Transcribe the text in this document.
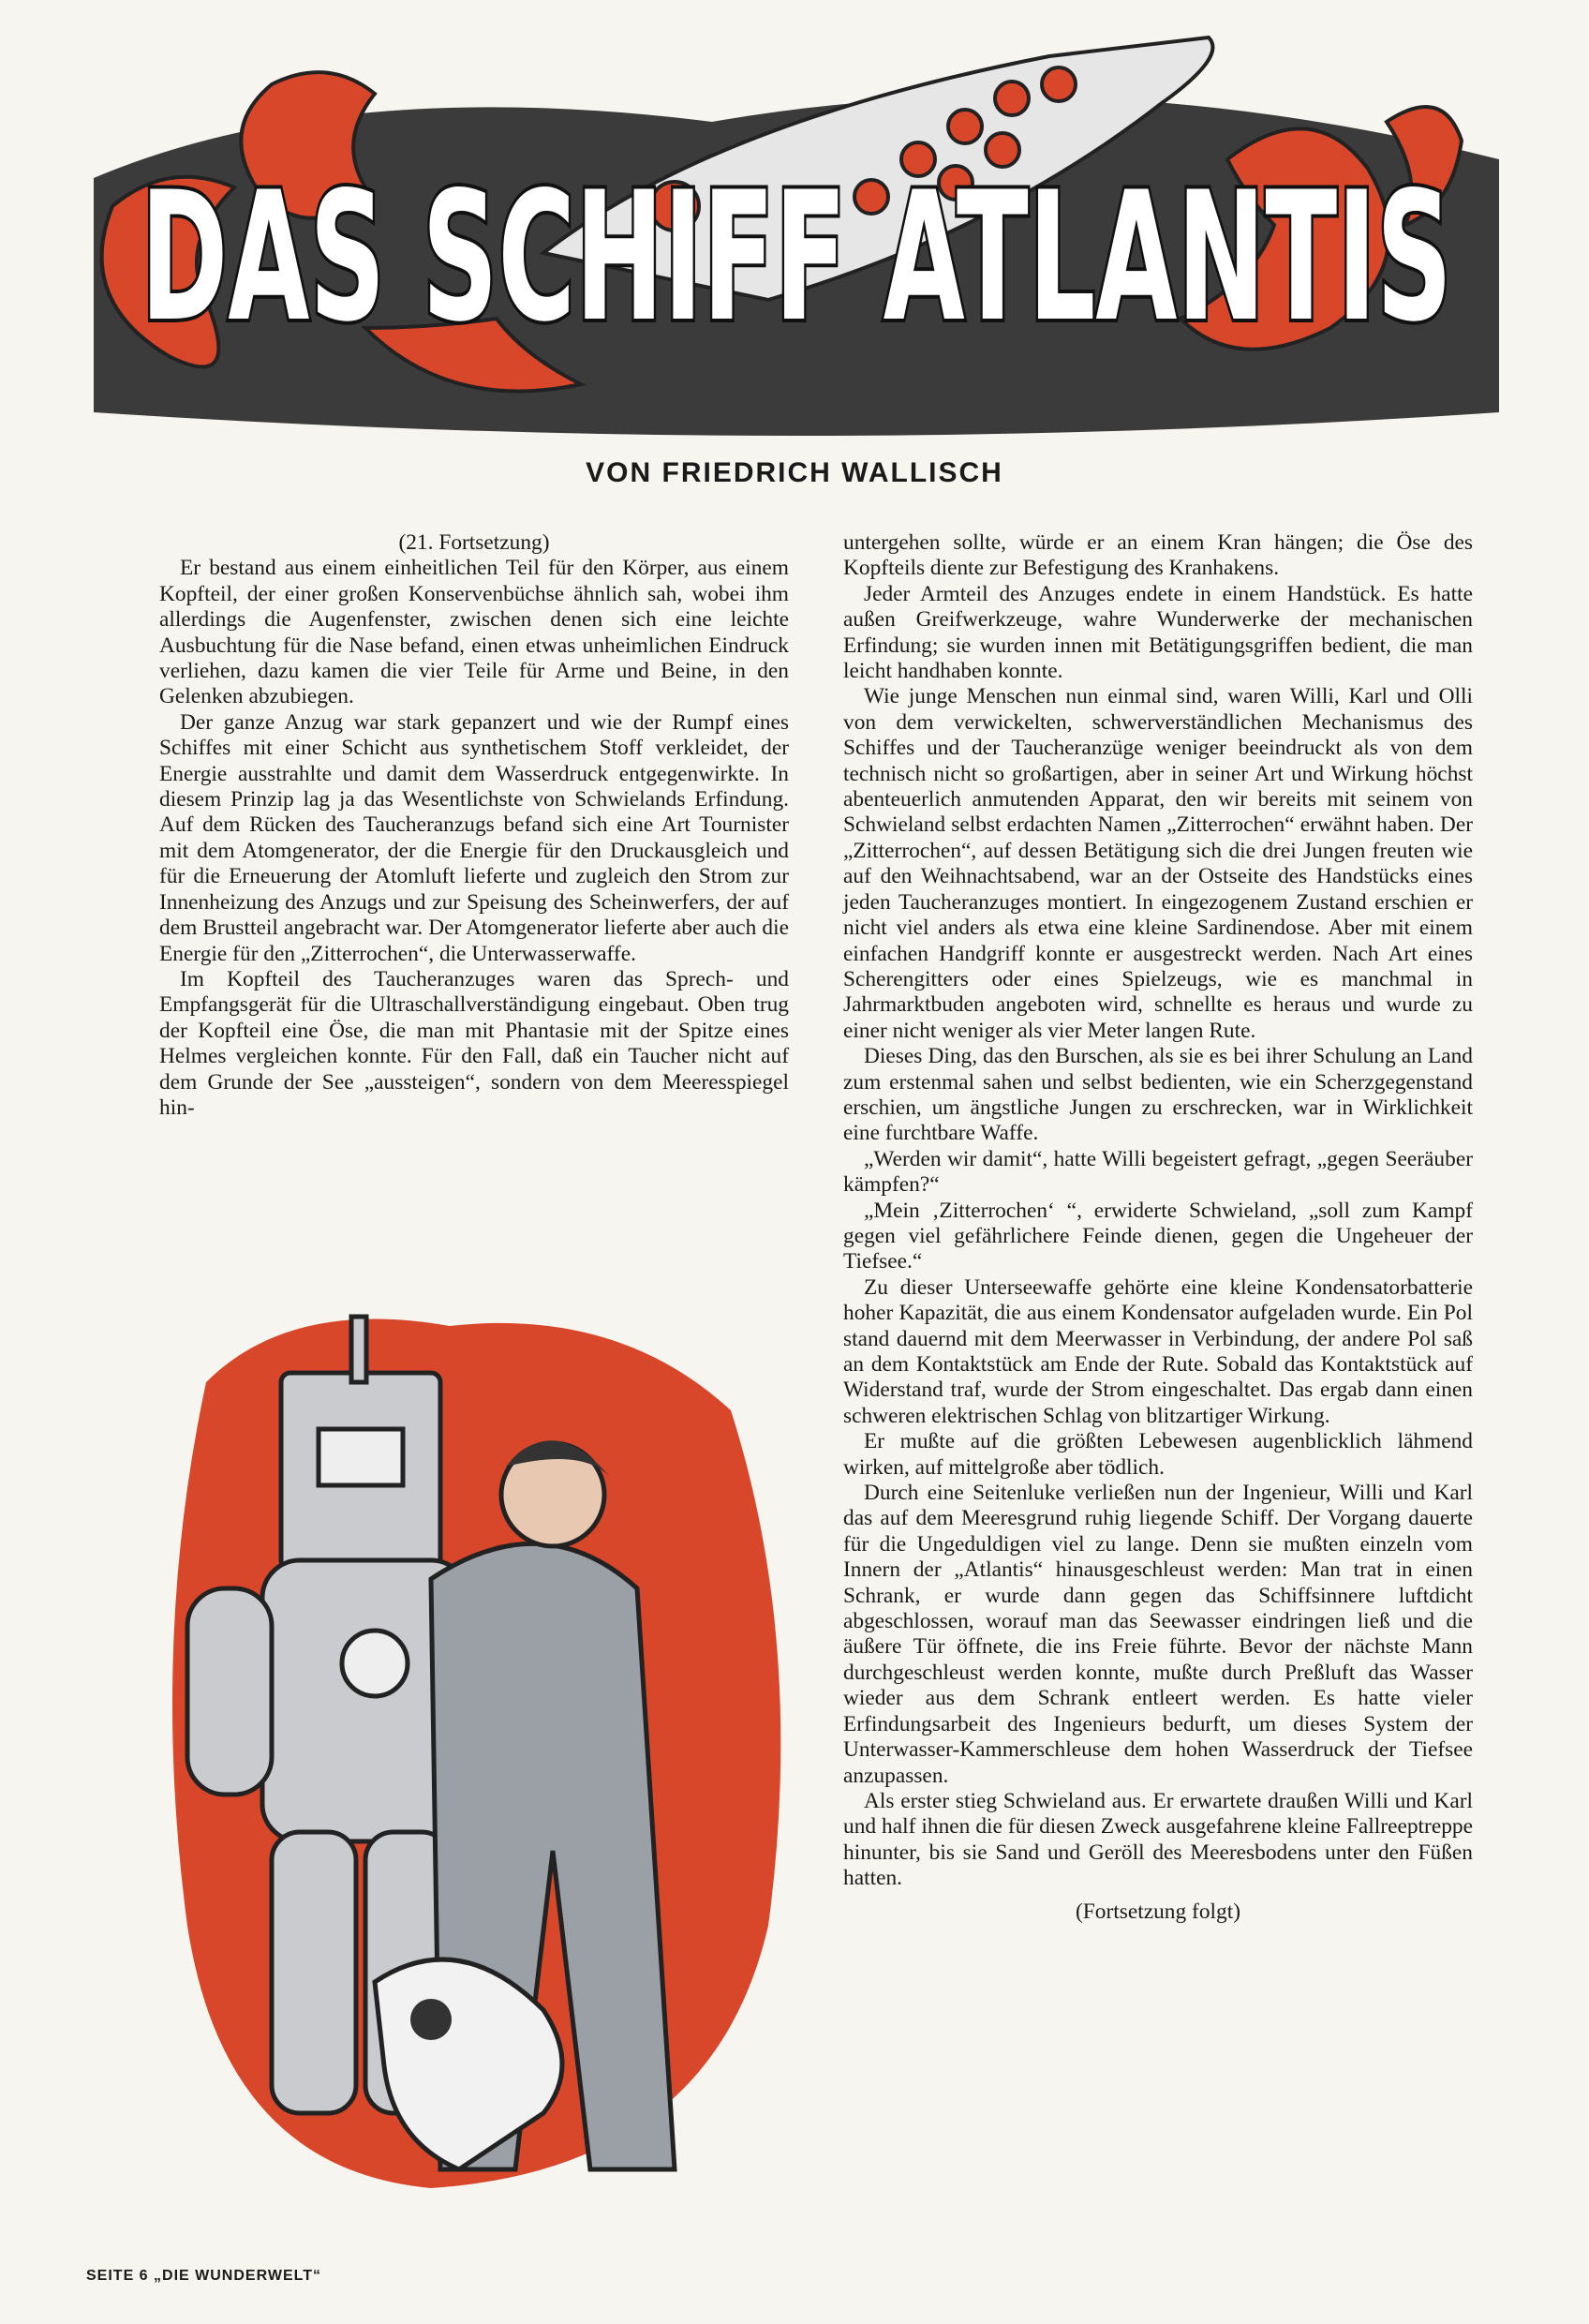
DAS SCHIFF ATLANTIS
VON FRIEDRICH WALLISCH

(21. Fortsetzung)

Er bestand aus einem einheitlichen Teil für den Körper, aus einem Kopfteil, der einer großen Konservenbüchse ähnlich sah, wobei ihm allerdings die Augenfenster, zwischen denen sich eine leichte Ausbuchtung für die Nase befand, einen etwas unheimlichen Eindruck verliehen, dazu kamen die vier Teile für Arme und Beine, in den Gelenken abzubiegen.

Der ganze Anzug war stark gepanzert und wie der Rumpf eines Schiffes mit einer Schicht aus synthetischem Stoff verkleidet, der Energie ausstrahlte und damit dem Wasserdruck entgegenwirkte. In diesem Prinzip lag ja das Wesentlichste von Schwielands Erfindung. Auf dem Rücken des Taucheranzugs befand sich eine Art Tournister mit dem Atomgenerator, der die Energie für den Druckausgleich und für die Erneuerung der Atomluft lieferte und zugleich den Strom zur Innenheizung des Anzugs und zur Speisung des Scheinwerfers, der auf dem Brustteil angebracht war. Der Atomgenerator lieferte aber auch die Energie für den „Zitterrochen“, die Unterwasserwaffe.

Im Kopfteil des Taucheranzuges waren das Sprech- und Empfangsgerät für die Ultraschallverständigung eingebaut. Oben trug der Kopfteil eine Öse, die man mit Phantasie mit der Spitze eines Helmes vergleichen konnte. Für den Fall, daß ein Taucher nicht auf dem Grunde der See „aussteigen“, sondern von dem Meeresspiegel hin-

untergehen sollte, würde er an einem Kran hängen; die Öse des Kopfteils diente zur Befestigung des Kranhakens.

Jeder Armteil des Anzuges endete in einem Handstück. Es hatte außen Greifwerkzeuge, wahre Wunderwerke der mechanischen Erfindung; sie wurden innen mit Betätigungsgriffen bedient, die man leicht handhaben konnte.

Wie junge Menschen nun einmal sind, waren Willi, Karl und Olli von dem verwickelten, schwerverständlichen Mechanismus des Schiffes und der Taucheranzüge weniger beeindruckt als von dem technisch nicht so großartigen, aber in seiner Art und Wirkung höchst abenteuerlich anmutenden Apparat, den wir bereits mit seinem von Schwieland selbst erdachten Namen „Zitterrochen“ erwähnt haben. Der „Zitterrochen“, auf dessen Betätigung sich die drei Jungen freuten wie auf den Weihnachtsabend, war an der Ostseite des Handstücks eines jeden Taucheranzuges montiert. In eingezogenem Zustand erschien er nicht viel anders als etwa eine kleine Sardinendose. Aber mit einem einfachen Handgriff konnte er ausgestreckt werden. Nach Art eines Scherengitters oder eines Spielzeugs, wie es manchmal in Jahrmarktbuden angeboten wird, schnellte es heraus und wurde zu einer nicht weniger als vier Meter langen Rute.

Dieses Ding, das den Burschen, als sie es bei ihrer Schulung an Land zum erstenmal sahen und selbst bedienten, wie ein Scherzgegenstand erschien, um ängstliche Jungen zu erschrecken, war in Wirklichkeit eine furchtbare Waffe.

„Werden wir damit“, hatte Willi begeistert gefragt, „gegen Seeräuber kämpfen?“

„Mein ‚Zitterrochen‘ “, erwiderte Schwieland, „soll zum Kampf gegen viel gefährlichere Feinde dienen, gegen die Ungeheuer der Tiefsee.“

Zu dieser Unterseewaffe gehörte eine kleine Kondensatorbatterie hoher Kapazität, die aus einem Kondensator aufgeladen wurde. Ein Pol stand dauernd mit dem Meerwasser in Verbindung, der andere Pol saß an dem Kontaktstück am Ende der Rute. Sobald das Kontaktstück auf Widerstand traf, wurde der Strom eingeschaltet. Das ergab dann einen schweren elektrischen Schlag von blitzartiger Wirkung.

Er mußte auf die größten Lebewesen augenblicklich lähmend wirken, auf mittelgroße aber tödlich.

Durch eine Seitenluke verließen nun der Ingenieur, Willi und Karl das auf dem Meeresgrund ruhig liegende Schiff. Der Vorgang dauerte für die Ungeduldigen viel zu lange. Denn sie mußten einzeln vom Innern der „Atlantis“ hinausgeschleust werden: Man trat in einen Schrank, er wurde dann gegen das Schiffsinnere luftdicht abgeschlossen, worauf man das Seewasser eindringen ließ und die äußere Tür öffnete, die ins Freie führte. Bevor der nächste Mann durchgeschleust werden konnte, mußte durch Preßluft das Wasser wieder aus dem Schrank entleert werden. Es hatte vieler Erfindungsarbeit des Ingenieurs bedurft, um dieses System der Unterwasser-Kammerschleuse dem hohen Wasserdruck der Tiefsee anzupassen.

Als erster stieg Schwieland aus. Er erwartete draußen Willi und Karl und half ihnen die für diesen Zweck ausgefahrene kleine Fallreeptreppe hinunter, bis sie Sand und Geröll des Meeresbodens unter den Füßen hatten.

(Fortsetzung folgt)

SEITE 6 „DIE WUNDERWELT“
